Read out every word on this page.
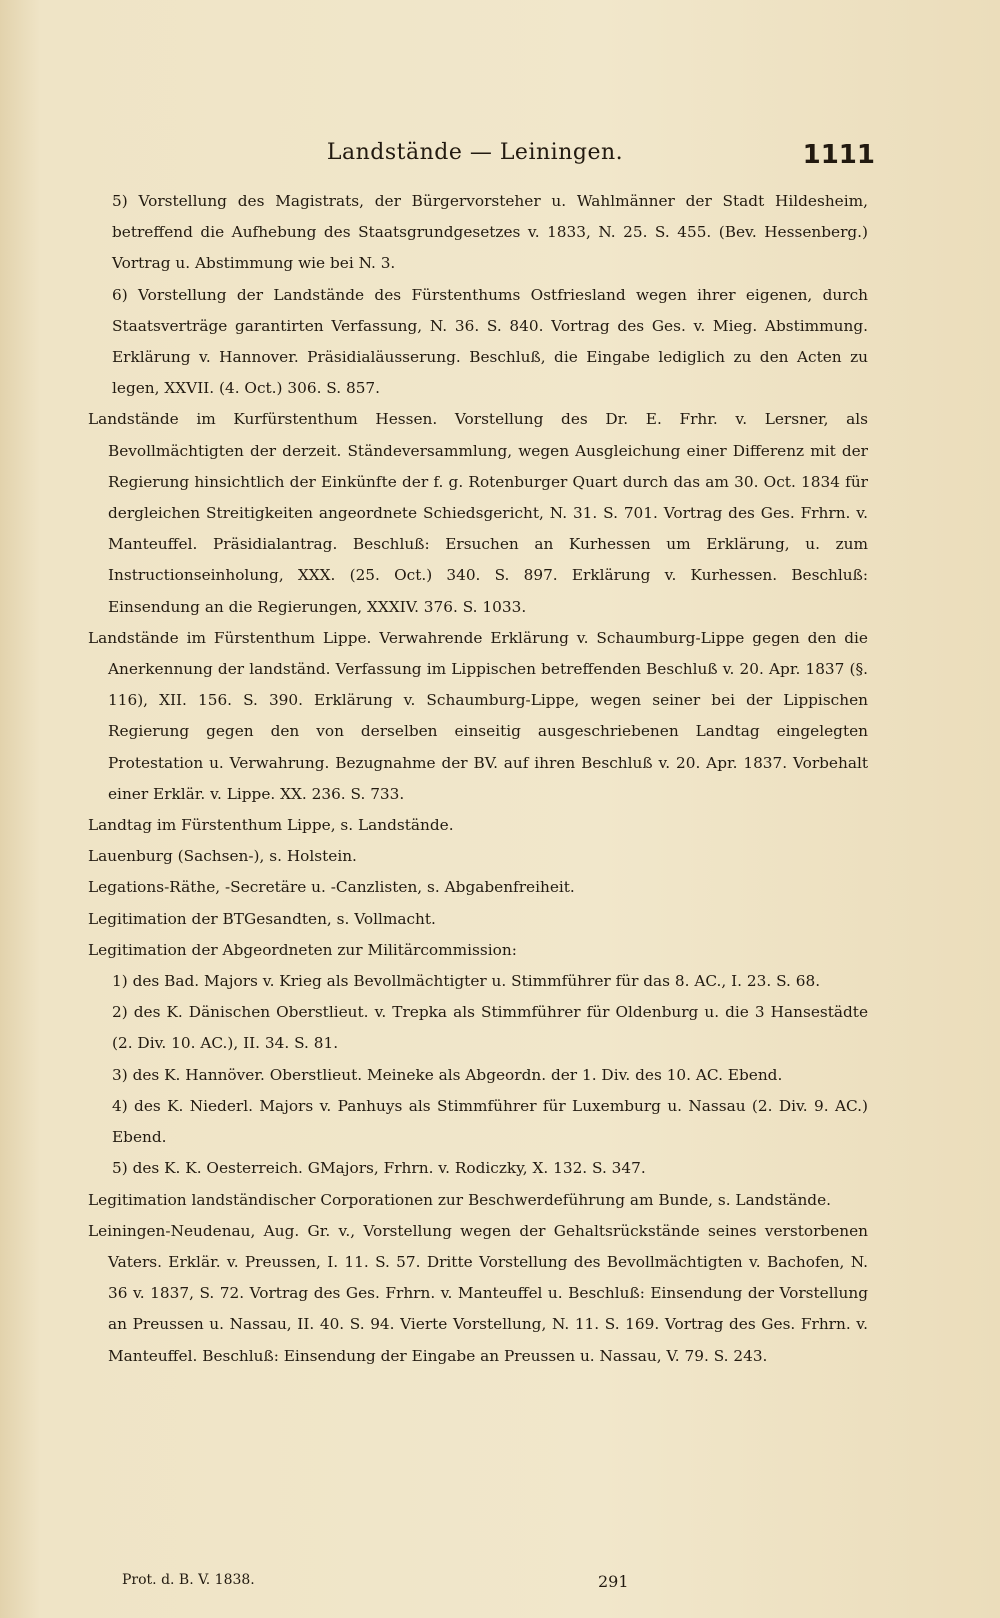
Landstände — Leiningen.	1111

5) Vorstellung des Magistrats, der Bürgervorsteher u. Wahlmänner der Stadt Hildesheim, betreffend die Aufhebung des Staatsgrundgesetzes v. 1833, N. 25. S. 455. (Bev. Hessenberg.) Vortrag u. Abstimmung wie bei N. 3.

6) Vorstellung der Landstände des Fürstenthums Ostfriesland wegen ihrer eigenen, durch Staatsverträge garantirten Verfassung, N. 36. S. 840. Vortrag des Ges. v. Mieg. Abstimmung. Erklärung v. Hannover. Präsidialäusserung. Beschluß, die Eingabe lediglich zu den Acten zu legen, XXVII. (4. Oct.) 306. S. 857.

Landstände im Kurfürstenthum Hessen. Vorstellung des Dr. E. Frhr. v. Lersner, als Bevollmächtigten der derzeit. Ständeversammlung, wegen Ausgleichung einer Differenz mit der Regierung hinsichtlich der Einkünfte der f. g. Rotenburger Quart durch das am 30. Oct. 1834 für dergleichen Streitigkeiten angeordnete Schiedsgericht, N. 31. S. 701. Vortrag des Ges. Frhrn. v. Manteuffel. Präsidialantrag. Beschluß: Ersuchen an Kurhessen um Erklärung, u. zum Instructionseinholung, XXX. (25. Oct.) 340. S. 897. Erklärung v. Kurhessen. Beschluß: Einsendung an die Regierungen, XXXIV. 376. S. 1033.

Landstände im Fürstenthum Lippe. Verwahrende Erklärung v. Schaumburg-Lippe gegen den die Anerkennung der landständ. Verfassung im Lippischen betreffenden Beschluß v. 20. Apr. 1837 (§. 116), XII. 156. S. 390. Erklärung v. Schaumburg-Lippe, wegen seiner bei der Lippischen Regierung gegen den von derselben einseitig ausgeschriebenen Landtag eingelegten Protestation u. Verwahrung. Bezugnahme der BV. auf ihren Beschluß v. 20. Apr. 1837. Vorbehalt einer Erklär. v. Lippe. XX. 236. S. 733.

Landtag im Fürstenthum Lippe, s. Landstände.

Lauenburg (Sachsen-), s. Holstein.

Legations-Räthe, -Secretäre u. -Canzlisten, s. Abgabenfreiheit.

Legitimation der BTGesandten, s. Vollmacht.

Legitimation der Abgeordneten zur Militärcommission:

1) des Bad. Majors v. Krieg als Bevollmächtigter u. Stimmführer für das 8. AC., I. 23. S. 68.

2) des K. Dänischen Oberstlieut. v. Trepka als Stimmführer für Oldenburg u. die 3 Hansestädte (2. Div. 10. AC.), II. 34. S. 81.

3) des K. Hannöver. Oberstlieut. Meineke als Abgeordn. der 1. Div. des 10. AC. Ebend.

4) des K. Niederl. Majors v. Panhuys als Stimmführer für Luxemburg u. Nassau (2. Div. 9. AC.) Ebend.

5) des K. K. Oesterreich. GMajors, Frhrn. v. Rodiczky, X. 132. S. 347.

Legitimation landständischer Corporationen zur Beschwerdeführung am Bunde, s. Landstände.

Leiningen-Neudenau, Aug. Gr. v., Vorstellung wegen der Gehaltsrückstände seines verstorbenen Vaters. Erklär. v. Preussen, I. 11. S. 57. Dritte Vorstellung des Bevollmächtigten v. Bachofen, N. 36 v. 1837, S. 72. Vortrag des Ges. Frhrn. v. Manteuffel u. Beschluß: Einsendung der Vorstellung an Preussen u. Nassau, II. 40. S. 94. Vierte Vorstellung, N. 11. S. 169. Vortrag des Ges. Frhrn. v. Manteuffel. Beschluß: Einsendung der Eingabe an Preussen u. Nassau, V. 79. S. 243.

Prot. d. B. V. 1838.	291
